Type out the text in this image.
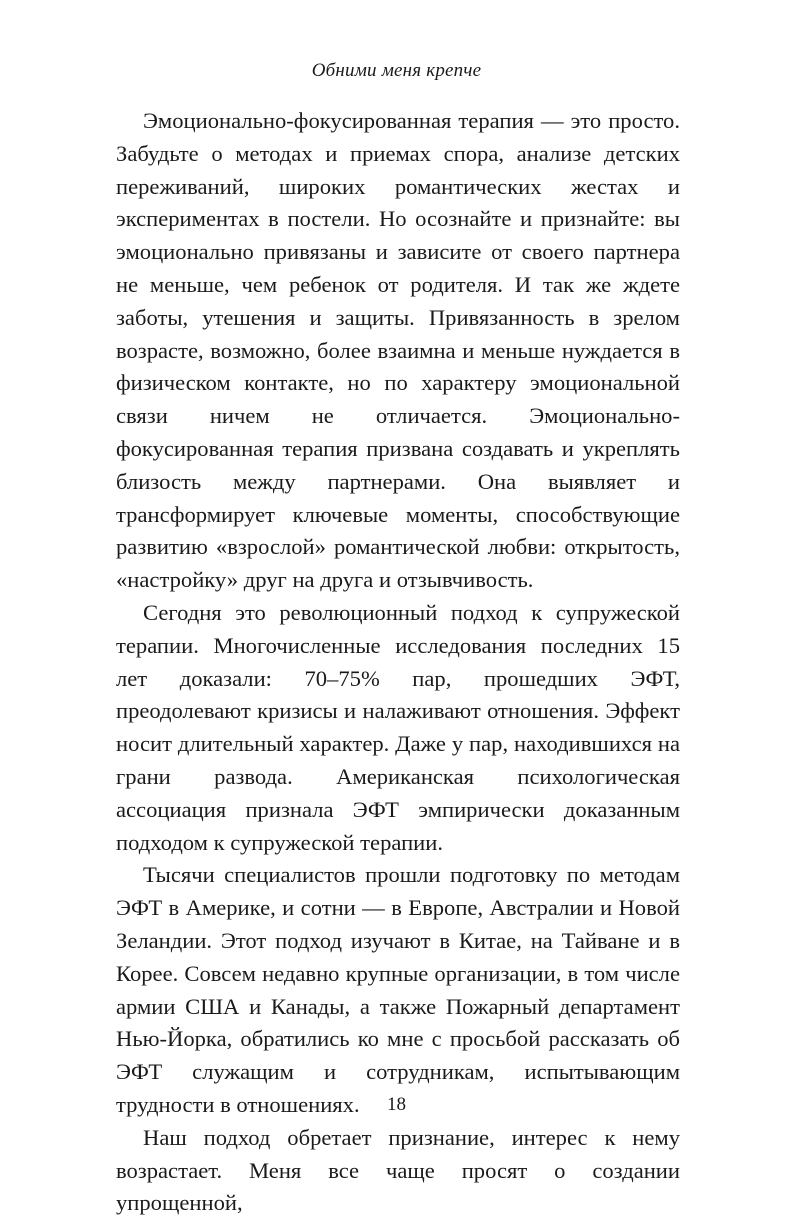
Обними меня крепче

Эмоционально-фокусированная терапия — это просто. Забудьте о методах и приемах спора, анализе детских переживаний, широких романтических жестах и экспериментах в постели. Но осознайте и признайте: вы эмоционально привязаны и зависите от своего партнера не меньше, чем ребенок от родителя. И так же ждете заботы, утешения и защиты. Привязанность в зрелом возрасте, возможно, более взаимна и меньше нуждается в физическом контакте, но по характеру эмоциональной связи ничем не отличается. Эмоционально-фокусированная терапия призвана создавать и укреплять близость между партнерами. Она выявляет и трансформирует ключевые моменты, способствующие развитию «взрослой» романтической любви: открытость, «настройку» друг на друга и отзывчивость.

Сегодня это революционный подход к супружеской терапии. Многочисленные исследования последних 15 лет доказали: 70–75% пар, прошедших ЭФТ, преодолевают кризисы и налаживают отношения. Эффект носит длительный характер. Даже у пар, находившихся на грани развода. Американская психологическая ассоциация признала ЭФТ эмпирически доказанным подходом к супружеской терапии.

Тысячи специалистов прошли подготовку по методам ЭФТ в Америке, и сотни — в Европе, Австралии и Новой Зеландии. Этот подход изучают в Китае, на Тайване и в Корее. Совсем недавно крупные организации, в том числе армии США и Канады, а также Пожарный департамент Нью-Йорка, обратились ко мне с просьбой рассказать об ЭФТ служащим и сотрудникам, испытывающим трудности в отношениях.

Наш подход обретает признание, интерес к нему возрастает. Меня все чаще просят о создании упрощенной,

18
